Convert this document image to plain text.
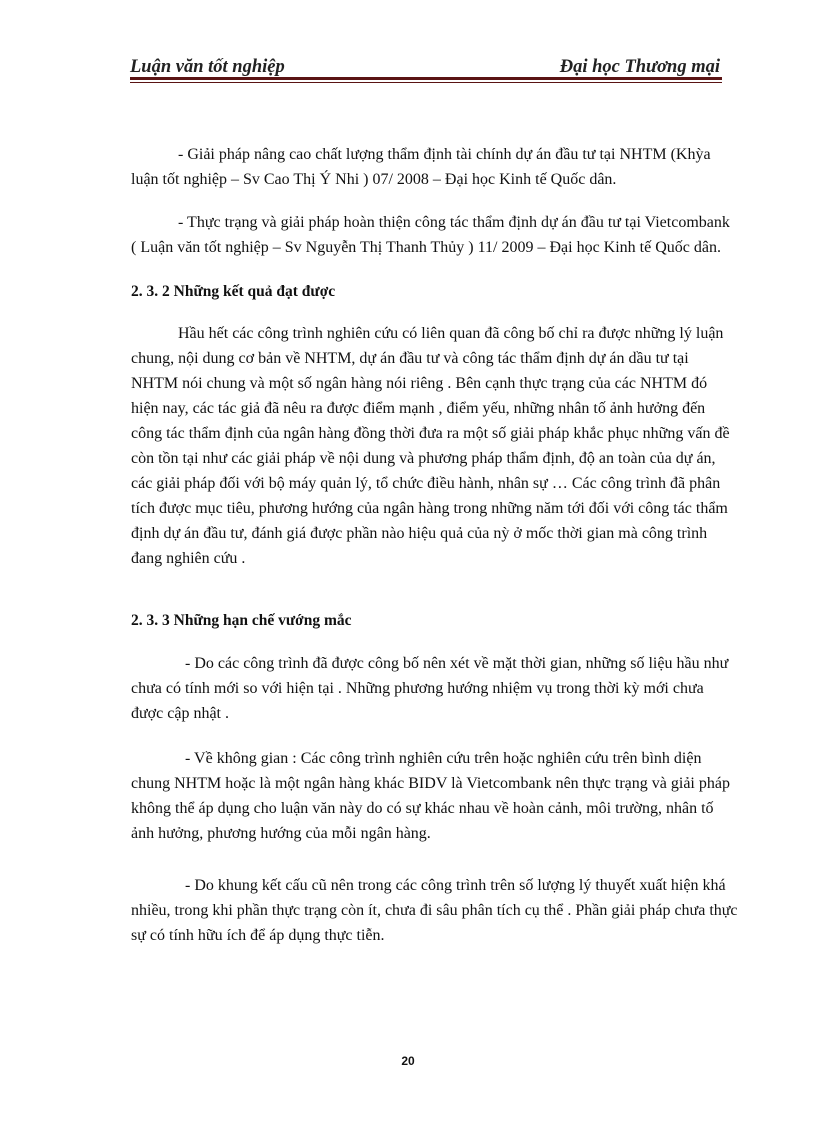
Luận văn tốt nghiệp	Đại học Thương mại
- Giải pháp nâng cao chất lượng thẩm định tài chính dự án đầu tư tại NHTM (Khỳa
luận tốt nghiệp – Sv Cao Thị Ý Nhi ) 07/ 2008 – Đại học Kinh tế Quốc dân.
- Thực trạng và giải pháp hoàn thiện công tác thẩm định dự án đầu tư tại Vietcombank
( Luận văn tốt nghiệp – Sv Nguyễn Thị Thanh Thủy ) 11/ 2009 – Đại học Kinh tế Quốc dân.
2. 3. 2 Những kết quả đạt được
Hầu hết các công trình nghiên cứu có liên quan đã công bố chỉ ra được những lý luận
chung, nội dung cơ bản về NHTM, dự án đầu tư và công tác thẩm định dự án dầu tư tại
NHTM nói chung và một số ngân hàng nói riêng . Bên cạnh thực trạng của các NHTM đó
hiện nay, các tác giả đã nêu ra được điểm mạnh , điểm yếu, những nhân tố ảnh hưởng đến
công tác thẩm định của ngân hàng đồng thời đưa ra một số giải pháp khắc phục những vấn đề
còn tồn tại như các giải pháp về nội dung và phương pháp thẩm định, độ an toàn của dự án,
các giải pháp đối với bộ máy quản lý, tổ chức điều hành, nhân sự … Các công trình đã phân
tích được mục tiêu, phương hướng của ngân hàng trong những năm tới đối với công tác thẩm
định dự án đầu tư, đánh giá được phần nào hiệu quả của nỳ ở mốc thời gian mà công trình
đang nghiên cứu .
2. 3. 3 Những hạn chế vướng mắc
- Do các công trình đã được công bố nên xét về mặt thời gian, những số liệu hầu như
chưa có tính mới so với hiện tại . Những phương hướng nhiệm vụ trong thời kỳ mới chưa
được cập nhật .
- Về không gian : Các công trình nghiên cứu trên hoặc nghiên cứu trên bình diện
chung NHTM hoặc là một ngân hàng khác BIDV là Vietcombank nên thực trạng và giải pháp
không thể áp dụng cho luận văn này do có sự khác nhau về hoàn cảnh, môi trường, nhân tố
ảnh hưởng, phương hướng của mỗi ngân hàng.
- Do khung kết cấu cũ nên trong các công trình trên số lượng lý thuyết xuất hiện khá
nhiều, trong khi phần thực trạng còn ít, chưa đi sâu phân tích cụ thể . Phần giải pháp chưa thực
sự có tính hữu ích để áp dụng thực tiễn.
20
